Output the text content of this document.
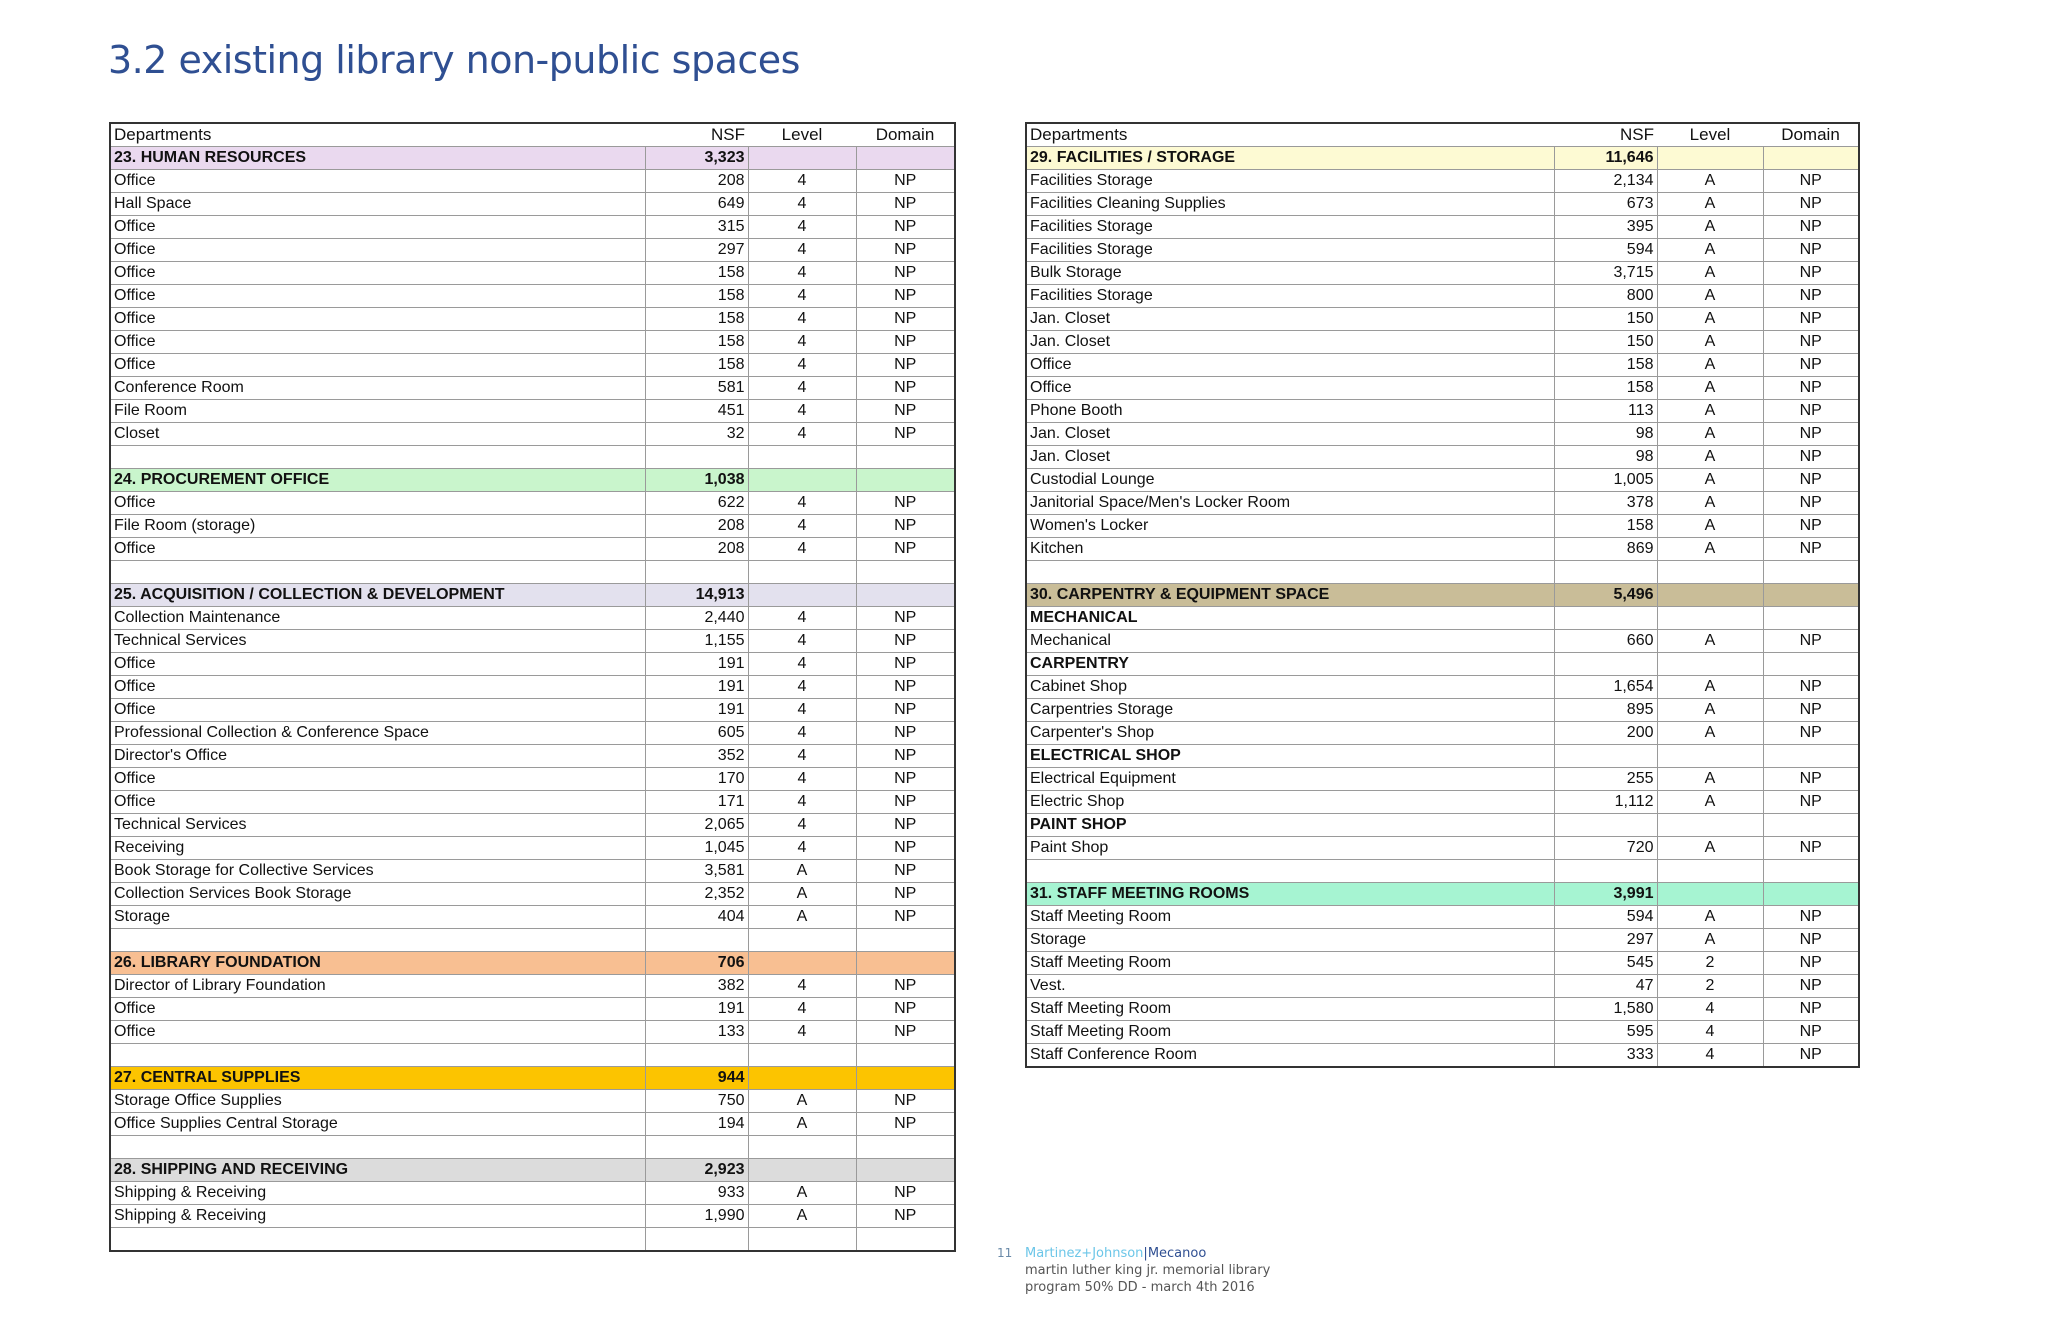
3.2 existing library non-public spaces
Departments	NSF	Level	Domain
23. HUMAN RESOURCES	3,323		
Office	208	4	NP
Hall Space	649	4	NP
Office	315	4	NP
Office	297	4	NP
Office	158	4	NP
Office	158	4	NP
Office	158	4	NP
Office	158	4	NP
Office	158	4	NP
Conference Room	581	4	NP
File Room	451	4	NP
Closet	32	4	NP

24. PROCUREMENT OFFICE	1,038		
Office	622	4	NP
File Room (storage)	208	4	NP
Office	208	4	NP

25. ACQUISITION / COLLECTION & DEVELOPMENT	14,913		
Collection Maintenance	2,440	4	NP
Technical Services	1,155	4	NP
Office	191	4	NP
Office	191	4	NP
Office	191	4	NP
Professional Collection & Conference Space	605	4	NP
Director's Office	352	4	NP
Office	170	4	NP
Office	171	4	NP
Technical Services	2,065	4	NP
Receiving	1,045	4	NP
Book Storage for Collective Services	3,581	A	NP
Collection Services Book Storage	2,352	A	NP
Storage	404	A	NP

26. LIBRARY FOUNDATION	706		
Director of Library Foundation	382	4	NP
Office	191	4	NP
Office	133	4	NP

27. CENTRAL SUPPLIES	944		
Storage Office Supplies	750	A	NP
Office Supplies Central Storage	194	A	NP

28. SHIPPING AND RECEIVING	2,923		
Shipping & Receiving	933	A	NP
Shipping & Receiving	1,990	A	NP

Departments	NSF	Level	Domain
29. FACILITIES / STORAGE	11,646		
Facilities Storage	2,134	A	NP
Facilities Cleaning Supplies	673	A	NP
Facilities Storage	395	A	NP
Facilities Storage	594	A	NP
Bulk Storage	3,715	A	NP
Facilities Storage	800	A	NP
Jan. Closet	150	A	NP
Jan. Closet	150	A	NP
Office	158	A	NP
Office	158	A	NP
Phone Booth	113	A	NP
Jan. Closet	98	A	NP
Jan. Closet	98	A	NP
Custodial Lounge	1,005	A	NP
Janitorial Space/Men's Locker Room	378	A	NP
Women's Locker	158	A	NP
Kitchen	869	A	NP

30. CARPENTRY & EQUIPMENT SPACE	5,496		
MECHANICAL			
Mechanical	660	A	NP
CARPENTRY			
Cabinet Shop	1,654	A	NP
Carpentries Storage	895	A	NP
Carpenter's Shop	200	A	NP
ELECTRICAL SHOP			
Electrical Equipment	255	A	NP
Electric Shop	1,112	A	NP
PAINT SHOP			
Paint Shop	720	A	NP

31. STAFF MEETING ROOMS	3,991		
Staff Meeting Room	594	A	NP
Storage	297	A	NP
Staff Meeting Room	545	2	NP
Vest.	47	2	NP
Staff Meeting Room	1,580	4	NP
Staff Meeting Room	595	4	NP
Staff Conference Room	333	4	NP
11 Martinez+Johnson|Mecanoo
martin luther king jr. memorial library
program 50% DD - march 4th 2016
